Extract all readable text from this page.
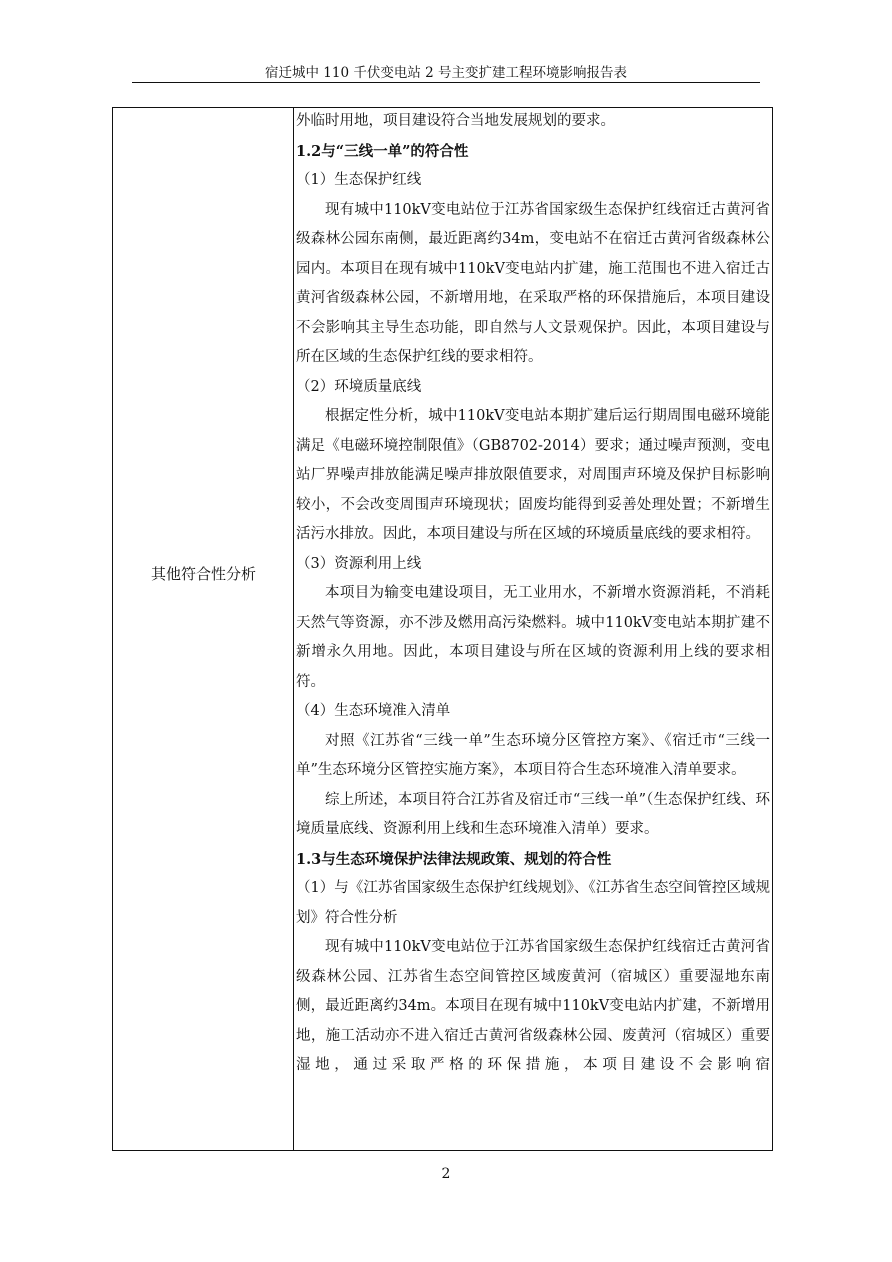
宿迁城中 110 千伏变电站 2 号主变扩建工程环境影响报告表
其他符合性分析

外临时用地，项目建设符合当地发展规划的要求。

1.2与“三线一单”的符合性

（1）生态保护红线

现有城中110kV变电站位于江苏省国家级生态保护红线宿迁古黄河省级森林公园东南侧，最近距离约34m，变电站不在宿迁古黄河省级森林公园内。本项目在现有城中110kV变电站内扩建，施工范围也不进入宿迁古黄河省级森林公园，不新增用地，在采取严格的环保措施后，本项目建设不会影响其主导生态功能，即自然与人文景观保护。因此，本项目建设与所在区域的生态保护红线的要求相符。

（2）环境质量底线

根据定性分析，城中110kV变电站本期扩建后运行期周围电磁环境能满足《电磁环境控制限值》（GB8702-2014）要求；通过噪声预测，变电站厂界噪声排放能满足噪声排放限值要求，对周围声环境及保护目标影响较小，不会改变周围声环境现状；固废均能得到妥善处理处置；不新增生活污水排放。因此，本项目建设与所在区域的环境质量底线的要求相符。

（3）资源利用上线

本项目为输变电建设项目，无工业用水，不新增水资源消耗，不消耗天然气等资源，亦不涉及燃用高污染燃料。城中110kV变电站本期扩建不新增永久用地。因此，本项目建设与所在区域的资源利用上线的要求相符。

（4）生态环境准入清单

对照《江苏省“三线一单”生态环境分区管控方案》、《宿迁市“三线一单”生态环境分区管控实施方案》，本项目符合生态环境准入清单要求。

综上所述，本项目符合江苏省及宿迁市“三线一单”（生态保护红线、环境质量底线、资源利用上线和生态环境准入清单）要求。

1.3与生态环境保护法律法规政策、规划的符合性

（1）与《江苏省国家级生态保护红线规划》、《江苏省生态空间管控区域规划》符合性分析

现有城中110kV变电站位于江苏省国家级生态保护红线宿迁古黄河省级森林公园、江苏省生态空间管控区域废黄河（宿城区）重要湿地东南侧，最近距离约34m。本项目在现有城中110kV变电站内扩建，不新增用地，施工活动亦不进入宿迁古黄河省级森林公园、废黄河（宿城区）重要湿地，通过采取严格的环保措施，本项目建设不会影响宿

2
